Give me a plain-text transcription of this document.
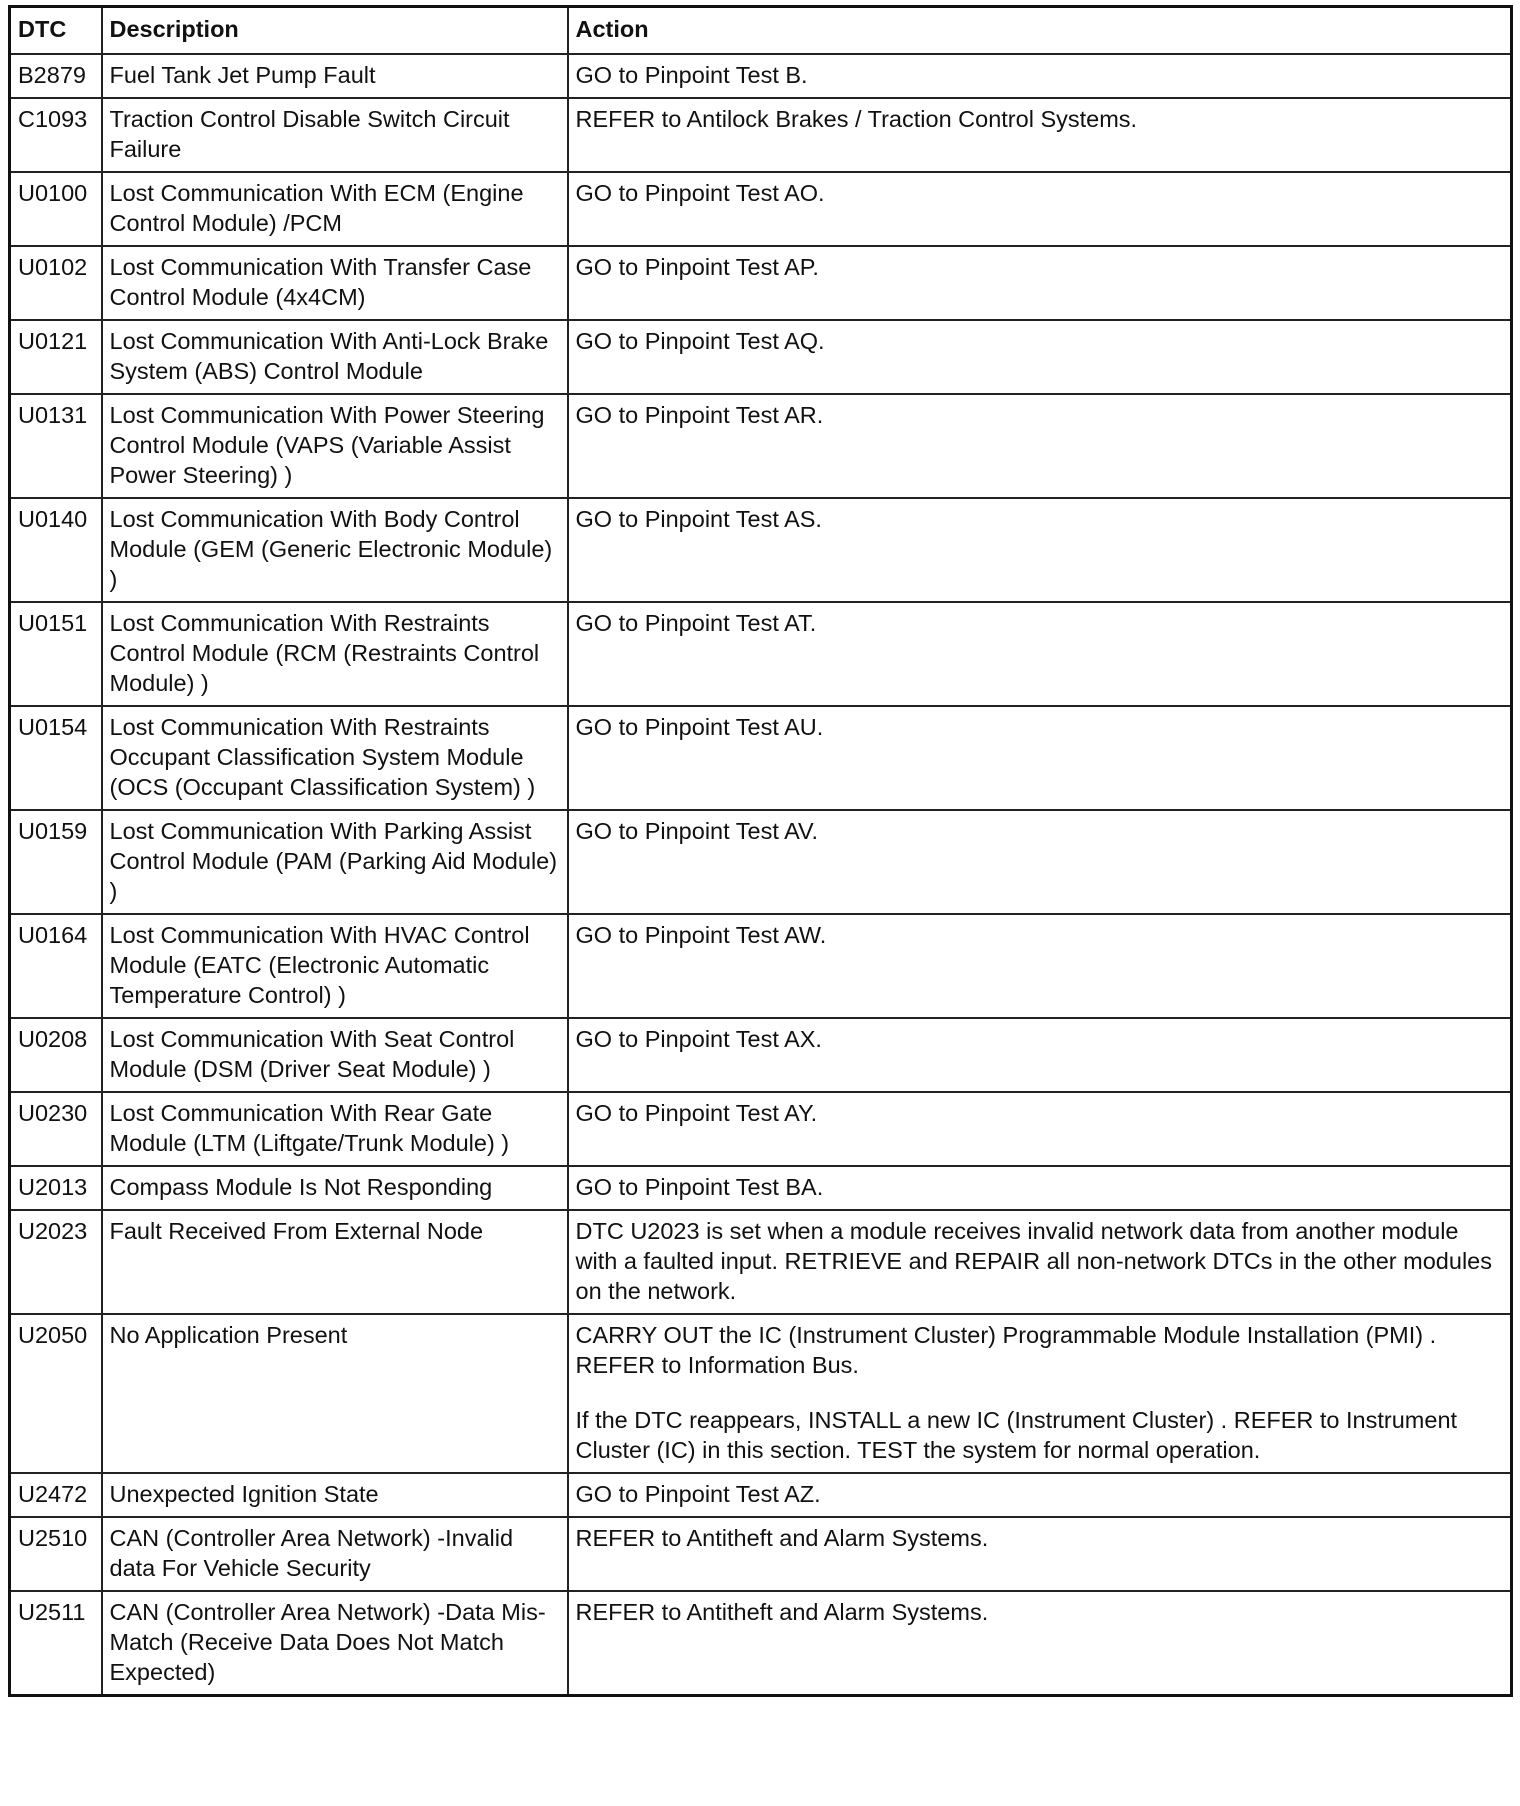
DTC	Description	Action
B2879	Fuel Tank Jet Pump Fault	GO to Pinpoint Test B.

C1093	Traction Control Disable Switch Circuit Failure	REFER to Antilock Brakes / Traction Control Systems.

U0100	Lost Communication With ECM (Engine Control Module) /PCM	GO to Pinpoint Test AO.

U0102	Lost Communication With Transfer Case Control Module (4x4CM)	GO to Pinpoint Test AP.

U0121	Lost Communication With Anti-Lock Brake System (ABS) Control Module	GO to Pinpoint Test AQ.

U0131	Lost Communication With Power Steering Control Module (VAPS (Variable Assist Power Steering) )	GO to Pinpoint Test AR.

U0140	Lost Communication With Body Control Module (GEM (Generic Electronic Module) )	GO to Pinpoint Test AS.

U0151	Lost Communication With Restraints Control Module (RCM (Restraints Control Module) )	GO to Pinpoint Test AT.

U0154	Lost Communication With Restraints Occupant Classification System Module (OCS (Occupant Classification System) )	GO to Pinpoint Test AU.

U0159	Lost Communication With Parking Assist Control Module (PAM (Parking Aid Module) )	GO to Pinpoint Test AV.

U0164	Lost Communication With HVAC Control Module (EATC (Electronic Automatic Temperature Control) )	GO to Pinpoint Test AW.

U0208	Lost Communication With Seat Control Module (DSM (Driver Seat Module) )	GO to Pinpoint Test AX.

U0230	Lost Communication With Rear Gate Module (LTM (Liftgate/Trunk Module) )	GO to Pinpoint Test AY.

U2013	Compass Module Is Not Responding	GO to Pinpoint Test BA.

U2023	Fault Received From External Node	DTC U2023 is set when a module receives invalid network data from another module with a faulted input. RETRIEVE and REPAIR all non-network DTCs in the other modules on the network.

U2050	No Application Present	CARRY OUT the IC (Instrument Cluster) Programmable Module Installation (PMI) . REFER to Information Bus.

If the DTC reappears, INSTALL a new IC (Instrument Cluster) . REFER to Instrument Cluster (IC) in this section. TEST the system for normal operation.

U2472	Unexpected Ignition State	GO to Pinpoint Test AZ.

U2510	CAN (Controller Area Network) -Invalid data For Vehicle Security	REFER to Antitheft and Alarm Systems.

U2511	CAN (Controller Area Network) -Data Mis-Match (Receive Data Does Not Match Expected)	REFER to Antitheft and Alarm Systems.
